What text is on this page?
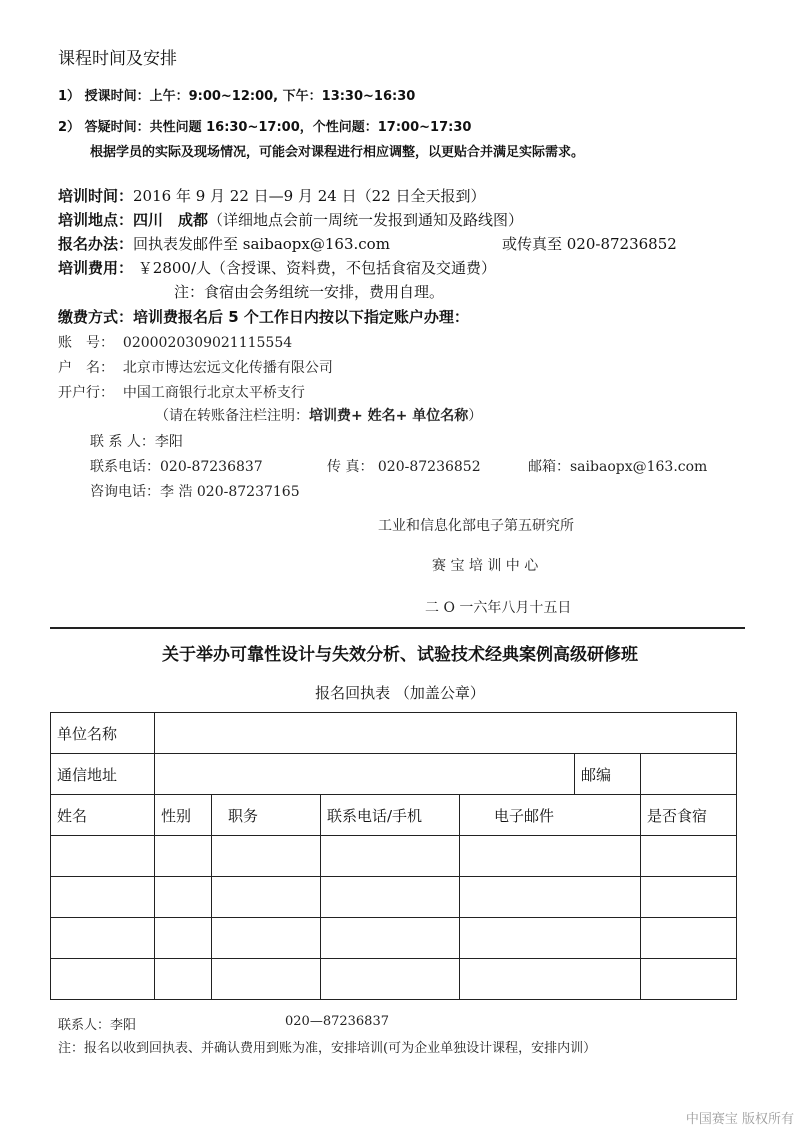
课程时间及安排
1） 授课时间：上午：9:00~12:00, 下午：13:30~16:30
2） 答疑时间：共性问题 16:30~17:00，个性问题：17:00~17:30
根据学员的实际及现场情况，可能会对课程进行相应调整，以更贴合并满足实际需求。
培训时间：2016 年 9 月 22 日—9 月 24 日（22 日全天报到）
培训地点：四川　成都（详细地点会前一周统一发报到通知及路线图）
报名办法：回执表发邮件至 saibaopx@163.com	或传真至 020-87236852
培训费用： ￥2800/人（含授课、资料费，不包括食宿及交通费）
注：食宿由会务组统一安排，费用自理。
缴费方式：培训费报名后 5 个工作日内按以下指定账户办理：
账　号： 0200020309021115554
户　名： 北京市博达宏远文化传播有限公司
开户行： 中国工商银行北京太平桥支行
（请在转账备注栏注明：培训费+ 姓名+ 单位名称）
联 系 人：李阳
联系电话：020-87236837	传 真： 020-87236852	邮箱：saibaopx@163.com
咨询电话：李 浩 020-87237165
工业和信息化部电子第五研究所
赛 宝 培 训 中 心
二 O 一六年八月十五日
关于举办可靠性设计与失效分析、试验技术经典案例高级研修班
报名回执表 （加盖公章）
单位名称						
通信地址					邮编	
姓名	性别	职务	联系电话/手机	电子邮件		是否食宿

联系人：李阳	020—87236837
注：报名以收到回执表、并确认费用到账为准，安排培训(可为企业单独设计课程，安排内训）
中国赛宝 版权所有
